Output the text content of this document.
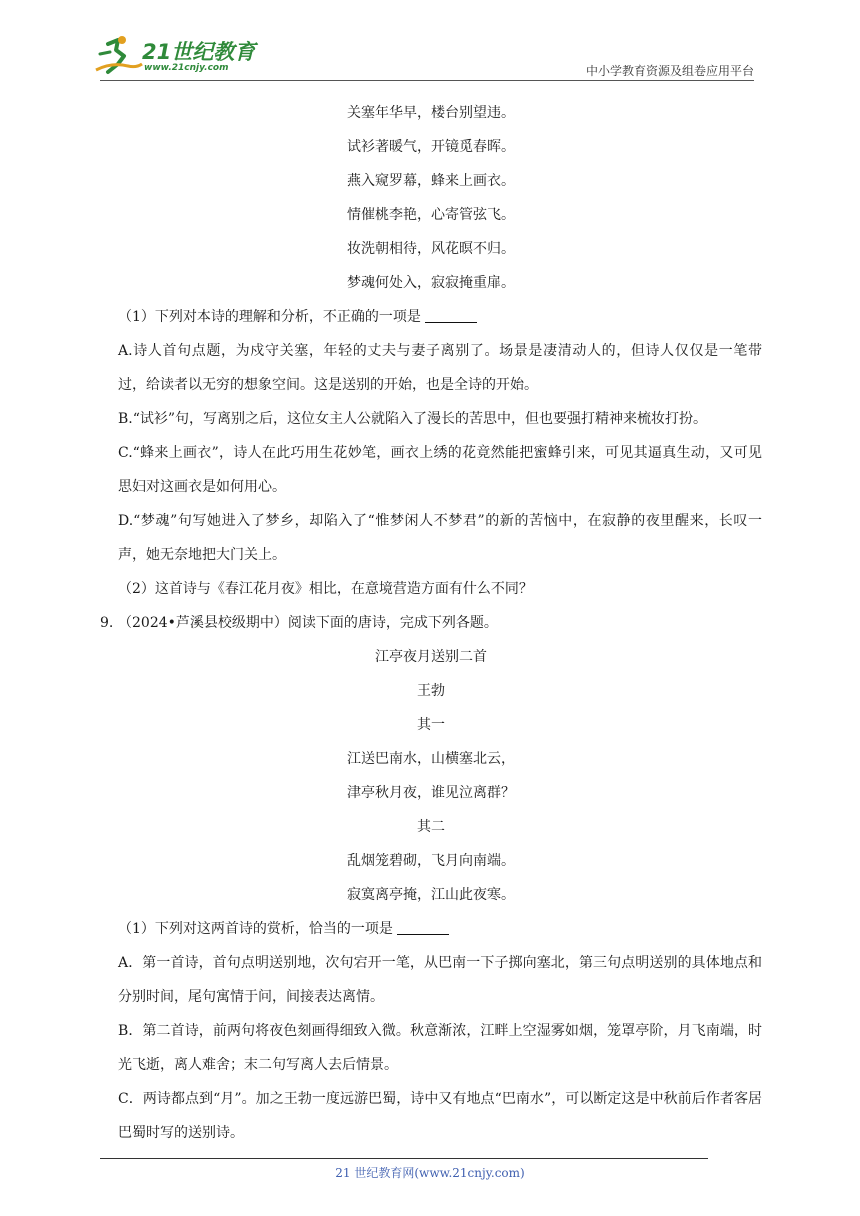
21世纪教育
www.21cnjy.com	中小学教育资源及组卷应用平台
关塞年华早，楼台别望违。
试衫著暖气，开镜觅春晖。
燕入窥罗幕，蜂来上画衣。
情催桃李艳，心寄管弦飞。
妆洗朝相待，风花暝不归。
梦魂何处入，寂寂掩重扉。
（1）下列对本诗的理解和分析，不正确的一项是
A.诗人首句点题，为戍守关塞，年轻的丈夫与妻子离别了。场景是凄清动人的，但诗人仅仅是一笔带过，给读者以无穷的想象空间。这是送别的开始，也是全诗的开始。
B.“试衫”句，写离别之后，这位女主人公就陷入了漫长的苦思中，但也要强打精神来梳妆打扮。
C.“蜂来上画衣”，诗人在此巧用生花妙笔，画衣上绣的花竟然能把蜜蜂引来，可见其逼真生动，又可见思妇对这画衣是如何用心。
D.“梦魂”句写她进入了梦乡，却陷入了“惟梦闲人不梦君”的新的苦恼中，在寂静的夜里醒来，长叹一声，她无奈地把大门关上。
（2）这首诗与《春江花月夜》相比，在意境营造方面有什么不同？
9. （2024•芦溪县校级期中）阅读下面的唐诗，完成下列各题。
江亭夜月送别二首
王勃
其一
江送巴南水，山横塞北云，
津亭秋月夜，谁见泣离群？
其二
乱烟笼碧砌，飞月向南端。
寂寞离亭掩，江山此夜寒。
（1）下列对这两首诗的赏析，恰当的一项是
A．第一首诗，首句点明送别地，次句宕开一笔，从巴南一下子掷向塞北，第三句点明送别的具体地点和分别时间，尾句寓情于问，间接表达离情。
B．第二首诗，前两句将夜色刻画得细致入微。秋意渐浓，江畔上空湿雾如烟，笼罩亭阶，月飞南端，时光飞逝，离人难舍；末二句写离人去后情景。
C．两诗都点到“月”。加之王勃一度远游巴蜀，诗中又有地点“巴南水”，可以断定这是中秋前后作者客居巴蜀时写的送别诗。
21 世纪教育网(www.21cnjy.com)
